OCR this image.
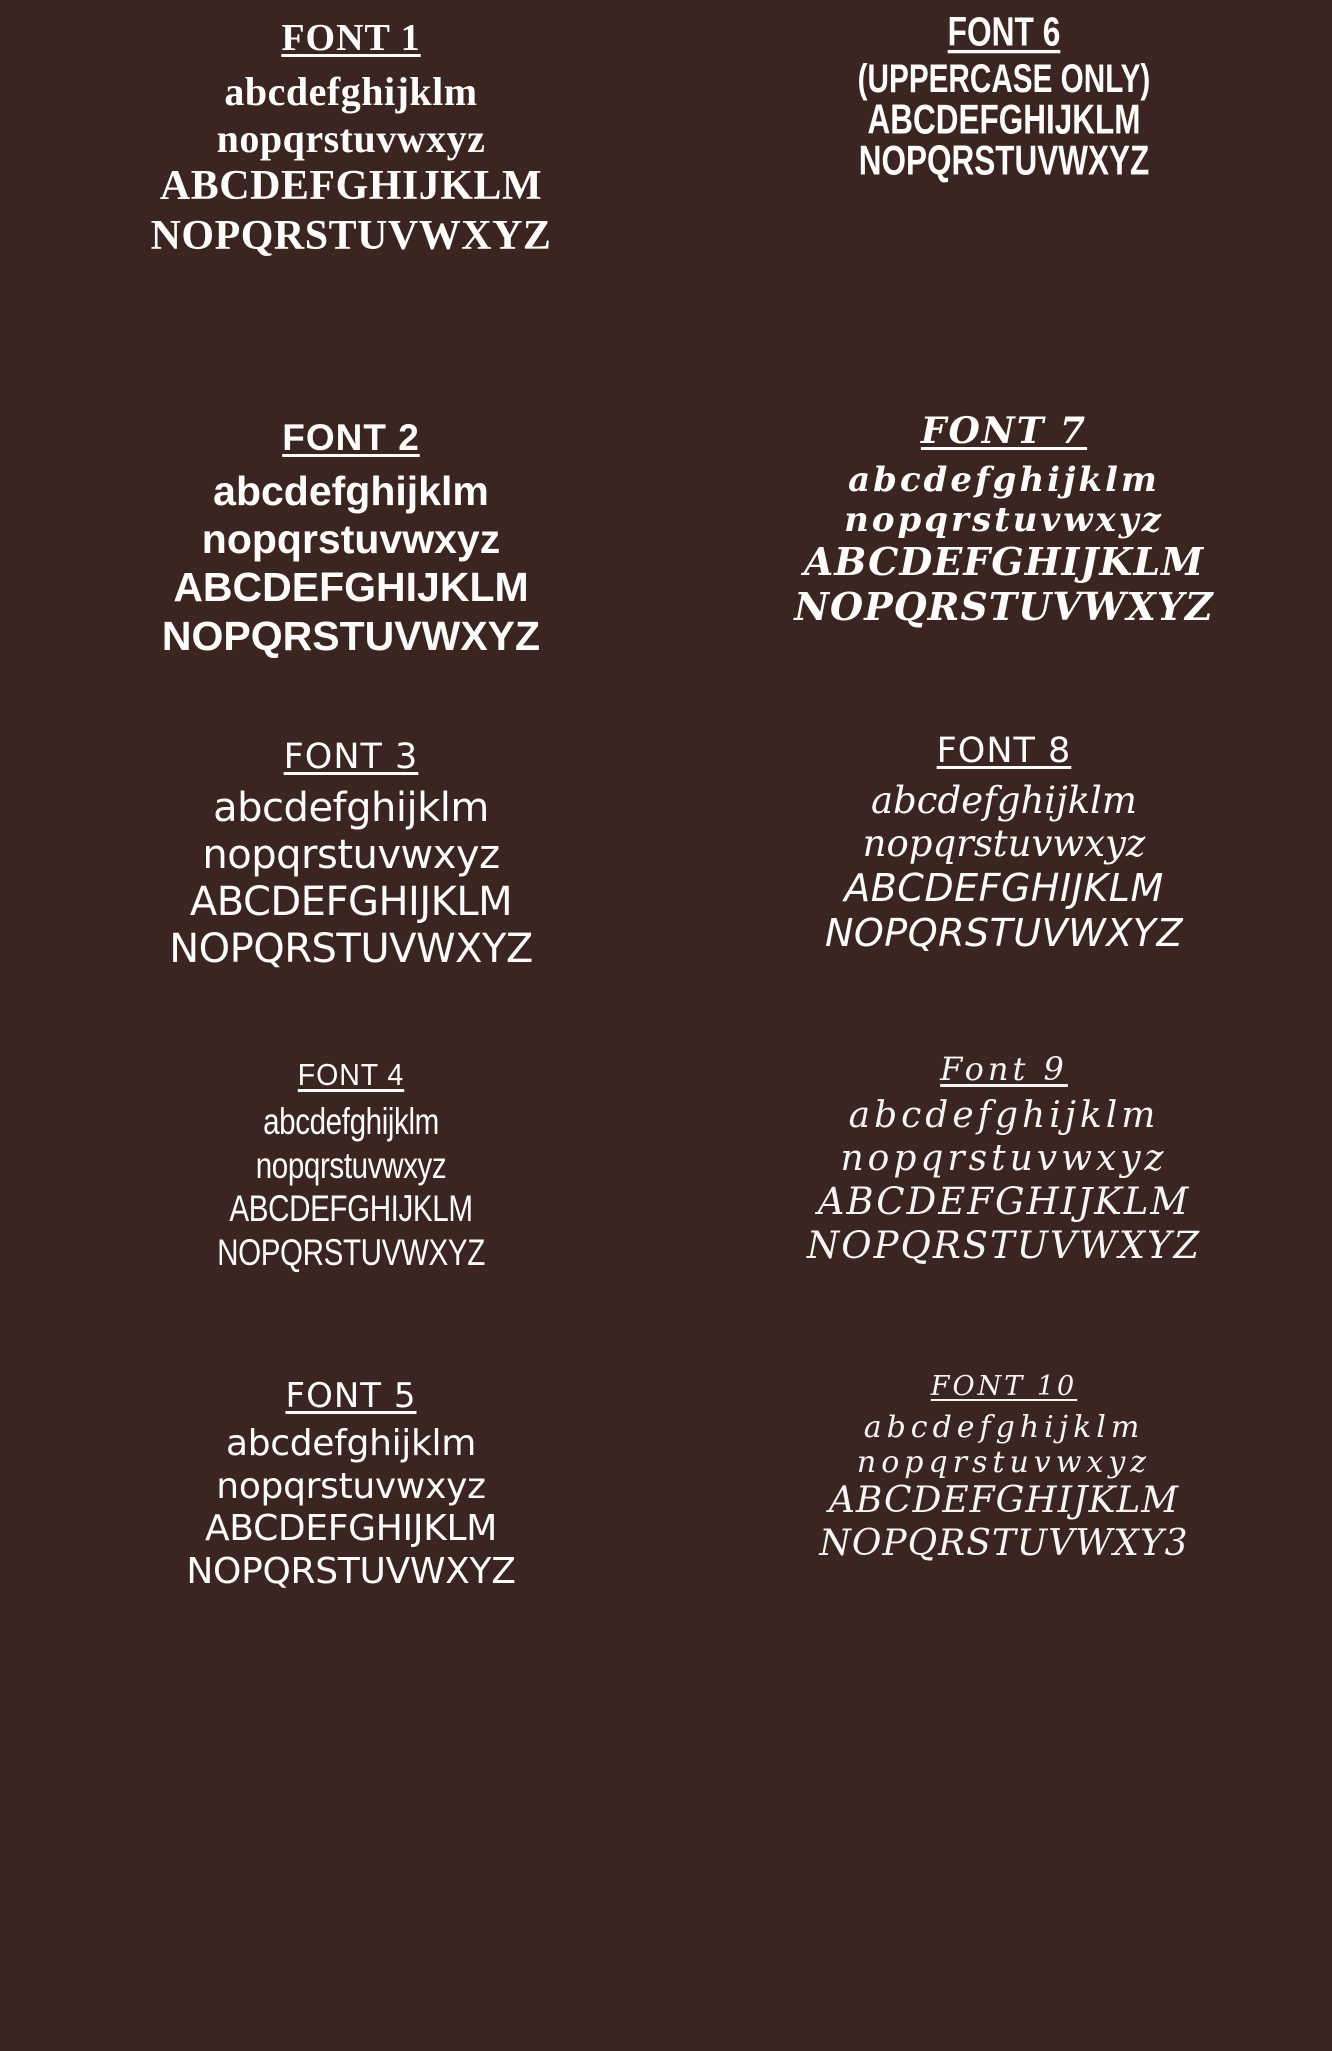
FONT 1
abcdefghijklm
nopqrstuvwxyz
ABCDEFGHIJKLM
NOPQRSTUVWXYZ
FONT 2
abcdefghijklm
nopqrstuvwxyz
ABCDEFGHIJKLM
NOPQRSTUVWXYZ
FONT 3
abcdefghijklm
nopqrstuvwxyz
ABCDEFGHIJKLM
NOPQRSTUVWXYZ
FONT 4
abcdefghijklm
nopqrstuvwxyz
ABCDEFGHIJKLM
NOPQRSTUVWXYZ
FONT 5
abcdefghijklm
nopqrstuvwxyz
ABCDEFGHIJKLM
NOPQRSTUVWXYZ
FONT 6
(UPPERCASE ONLY)
ABCDEFGHIJKLM
NOPQRSTUVWXYZ
FONT 7
abcdefghijklm
nopqrstuvwxyz
ABCDEFGHIJKLM
NOPQRSTUVWXYZ
FONT 8
abcdefghijklm
nopqrstuvwxyz
ABCDEFGHIJKLM
NOPQRSTUVWXYZ
Font 9
abcdefghijklm
nopqrstuvwxyz
ABCDEFGHIJKLM
NOPQRSTUVWXYZ
FONT 10
abcdefghijklm
nopqrstuvwxyz
ABCDEFGHIJKLM
NOPQRSTUVWXY3
